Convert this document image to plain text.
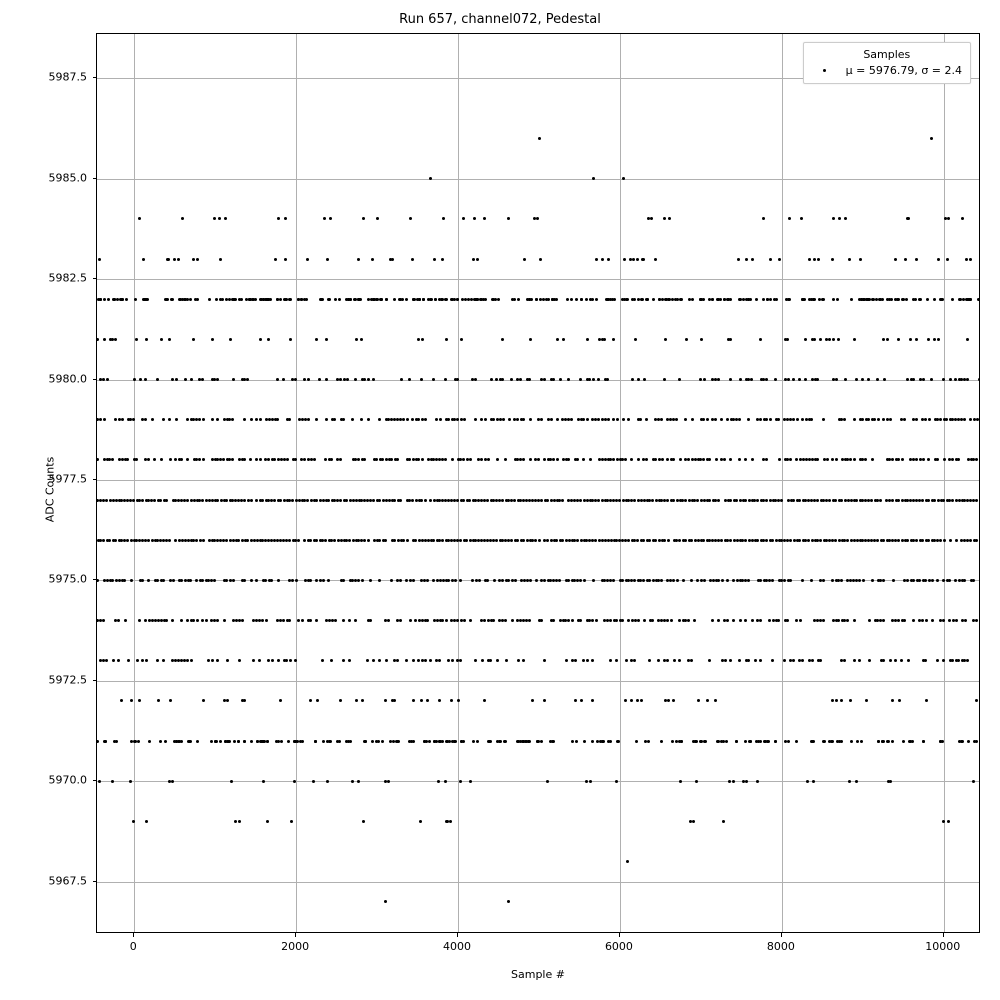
Run 657, channel072, Pedestal
Samples
μ = 5976.79, σ = 2.4
0	2000	4000	6000	8000	10000
5967.5
5970.0
5972.5
5975.0
5977.5
5980.0
5982.5
5985.0
5987.5
Sample #
ADC Counts
